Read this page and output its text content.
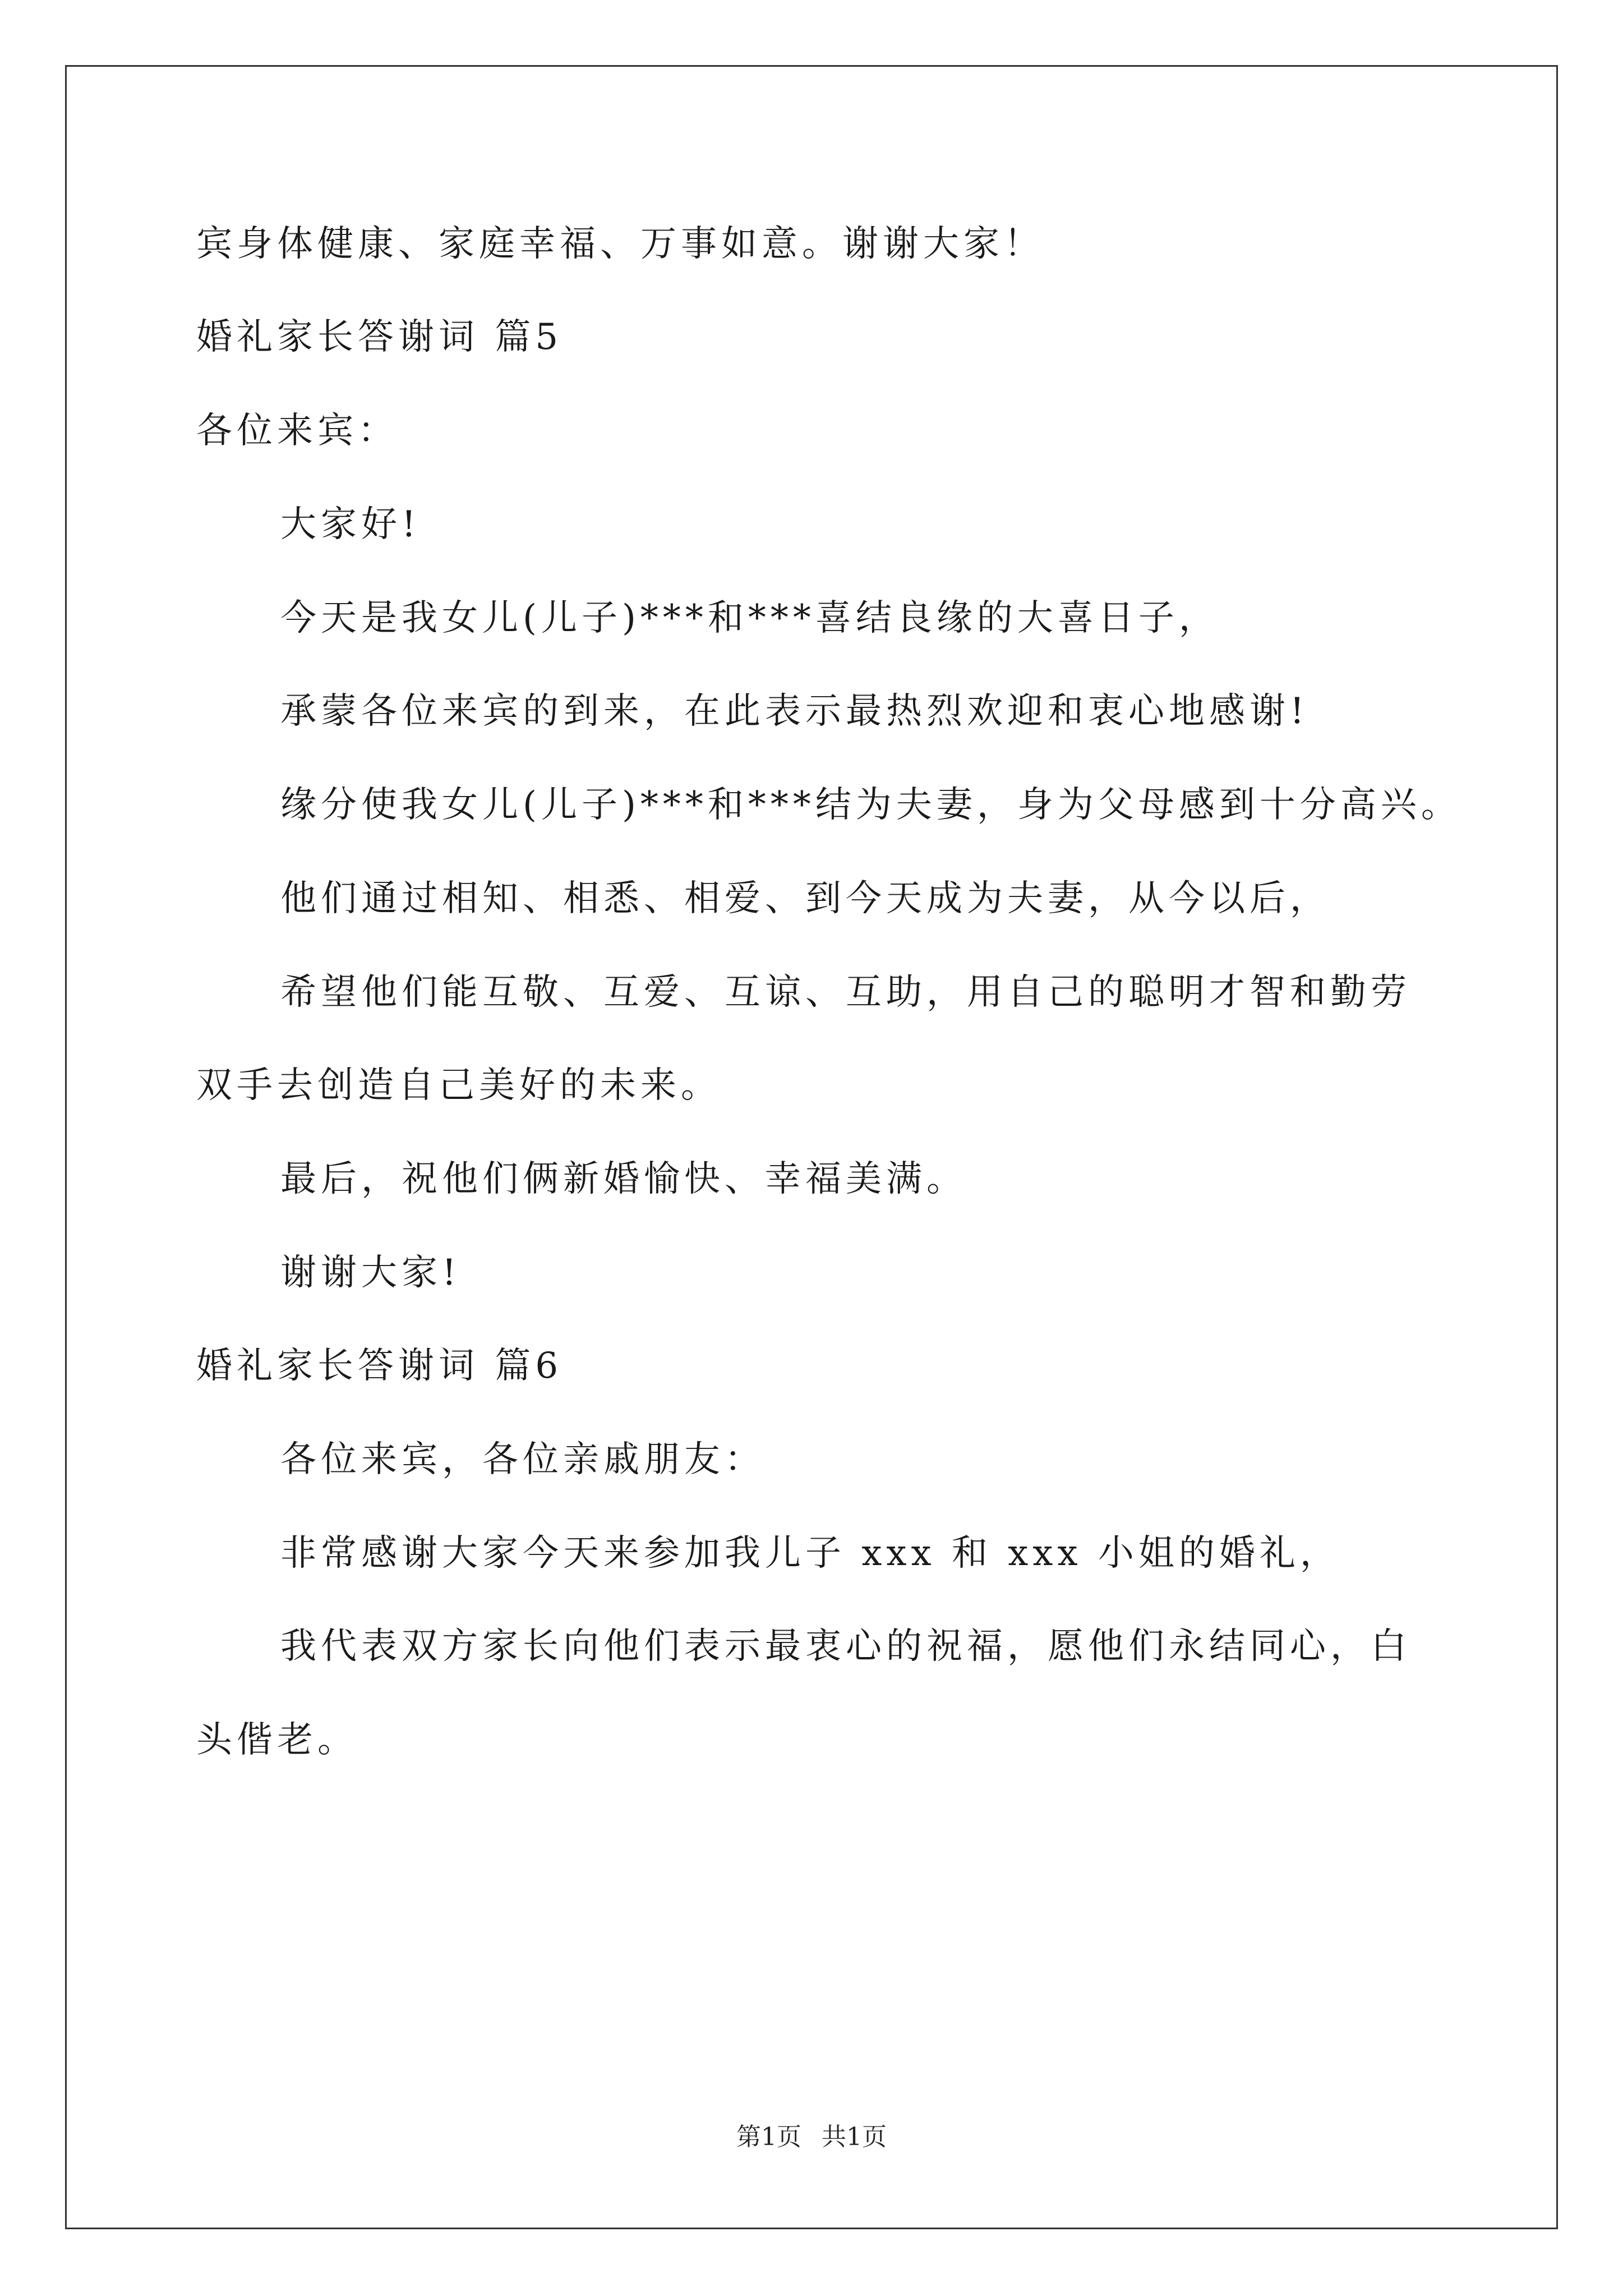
宾身体健康、家庭幸福、万事如意。谢谢大家！
婚礼家长答谢词 篇5
各位来宾：
大家好!
今天是我女儿(儿子)***和***喜结良缘的大喜日子，
承蒙各位来宾的到来，在此表示最热烈欢迎和衷心地感谢!
缘分使我女儿(儿子)***和***结为夫妻，身为父母感到十分高兴。
他们通过相知、相悉、相爱、到今天成为夫妻，从今以后，
希望他们能互敬、互爱、互谅、互助，用自己的聪明才智和勤劳
双手去创造自己美好的未来。
最后，祝他们俩新婚愉快、幸福美满。
谢谢大家!
婚礼家长答谢词 篇6
各位来宾，各位亲戚朋友：
非常感谢大家今天来参加我儿子 xxx 和 xxx 小姐的婚礼，
我代表双方家长向他们表示最衷心的祝福，愿他们永结同心，白
头偕老。
第1页 共1页
